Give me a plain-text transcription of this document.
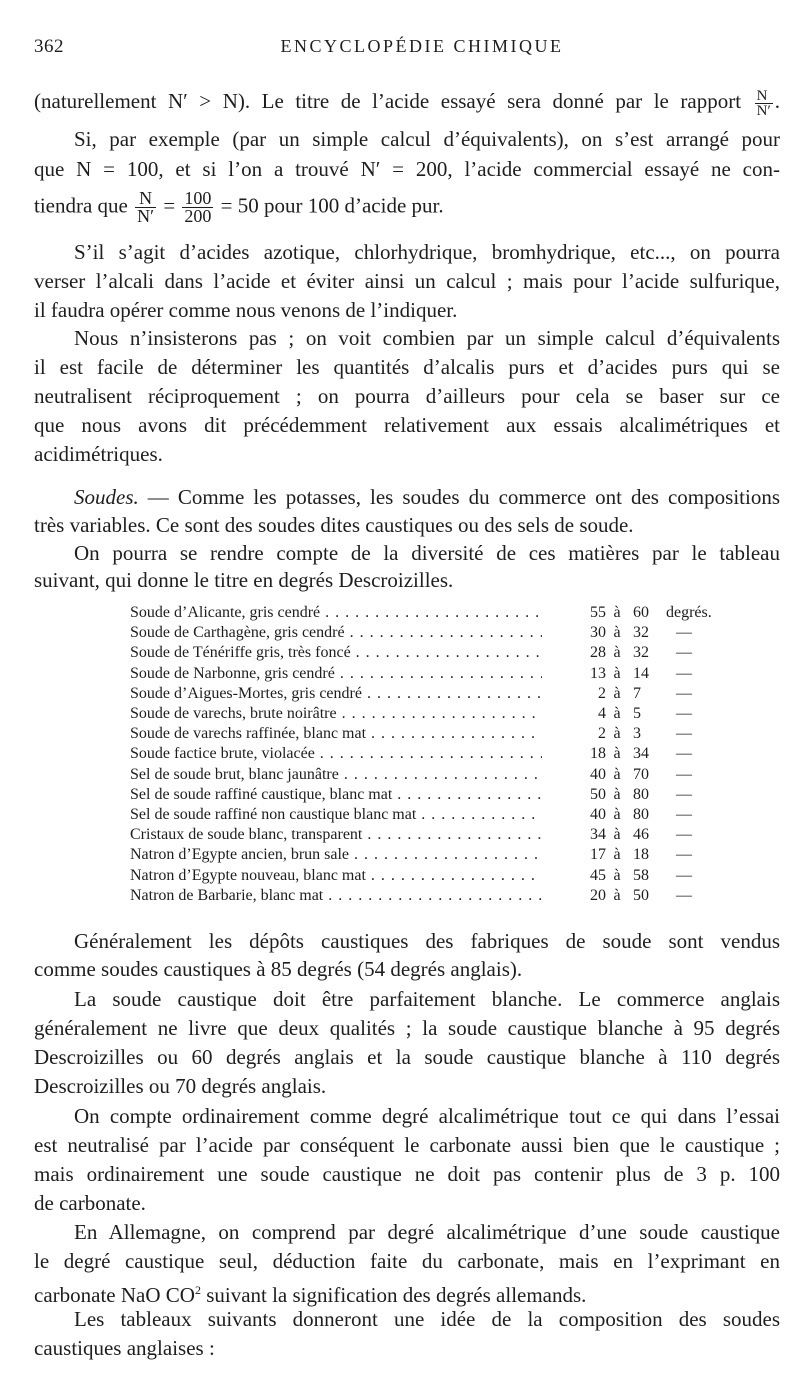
362	ENCYCLOPÉDIE CHIMIQUE
(naturellement N′ > N). Le titre de l’acide essayé sera donné par le rapport $\frac{N}{N'}$ .
Si, par exemple (par un simple calcul d’équivalents), on s’est arrangé pour
que N = 100, et si l’on a trouvé N′ = 200, l’acide commercial essayé ne con-
tiendra que $\frac{N}{N'} = \frac{100}{200} = 50$ pour 100 d’acide pur.
S’il s’agit d’acides azotique, chlorhydrique, bromhydrique, etc..., on pourra
verser l’alcali dans l’acide et éviter ainsi un calcul ; mais pour l’acide sulfurique,
il faudra opérer comme nous venons de l’indiquer.
Nous n’insisterons pas ; on voit combien par un simple calcul d’équivalents
il est facile de déterminer les quantités d’alcalis purs et d’acides purs qui se
neutralisent réciproquement ; on pourra d’ailleurs pour cela se baser sur ce
que nous avons dit précédemment relativement aux essais alcalimétriques et
acidimétriques.
Soudes. — Comme les potasses, les soudes du commerce ont des compositions
très variables. Ce sont des soudes dites caustiques ou des sels de soude.
On pourra se rendre compte de la diversité de ces matières par le tableau
suivant, qui donne le titre en degrés Descroizilles.
Soude d’Alicante, gris cendré . . .	55 à 60	degrés.
Soude de Carthagène, gris cendré . . .	30 à 32	—
Soude de Ténériffe gris, très foncé . . .	28 à 32	—
Soude de Narbonne, gris cendré . . .	13 à 14	—
Soude d’Aigues-Mortes, gris cendré . . .	2 à 7	—
Soude de varechs, brute noirâtre . . .	4 à 5	—
Soude de varechs raffinée, blanc mat . . .	2 à 3	—
Soude factice brute, violacée . . .	18 à 34	—
Sel de soude brut, blanc jaunâtre . . .	40 à 70	—
Sel de soude raffiné caustique, blanc mat . . .	50 à 80	—
Sel de soude raffiné non caustique blanc mat . . .	40 à 80	—
Cristaux de soude blanc, transparent . . .	34 à 46	—
Natron d’Egypte ancien, brun sale . . .	17 à 18	—
Natron d’Egypte nouveau, blanc mat . . .	45 à 58	—
Natron de Barbarie, blanc mat . . .	20 à 50	—
Généralement les dépôts caustiques des fabriques de soude sont vendus
comme soudes caustiques à 85 degrés (54 degrés anglais).
La soude caustique doit être parfaitement blanche. Le commerce anglais
généralement ne livre que deux qualités ; la soude caustique blanche à 95 degrés
Descroizilles ou 60 degrés anglais et la soude caustique blanche à 110 degrés
Descroizilles ou 70 degrés anglais.
On compte ordinairement comme degré alcalimétrique tout ce qui dans l’essai
est neutralisé par l’acide par conséquent le carbonate aussi bien que le caustique ;
mais ordinairement une soude caustique ne doit pas contenir plus de 3 p. 100
de carbonate.
En Allemagne, on comprend par degré alcalimétrique d’une soude caustique
le degré caustique seul, déduction faite du carbonate, mais en l’exprimant en
carbonate NaO $CO^2$ suivant la signification des degrés allemands.
Les tableaux suivants donneront une idée de la composition des soudes
caustiques anglaises :
